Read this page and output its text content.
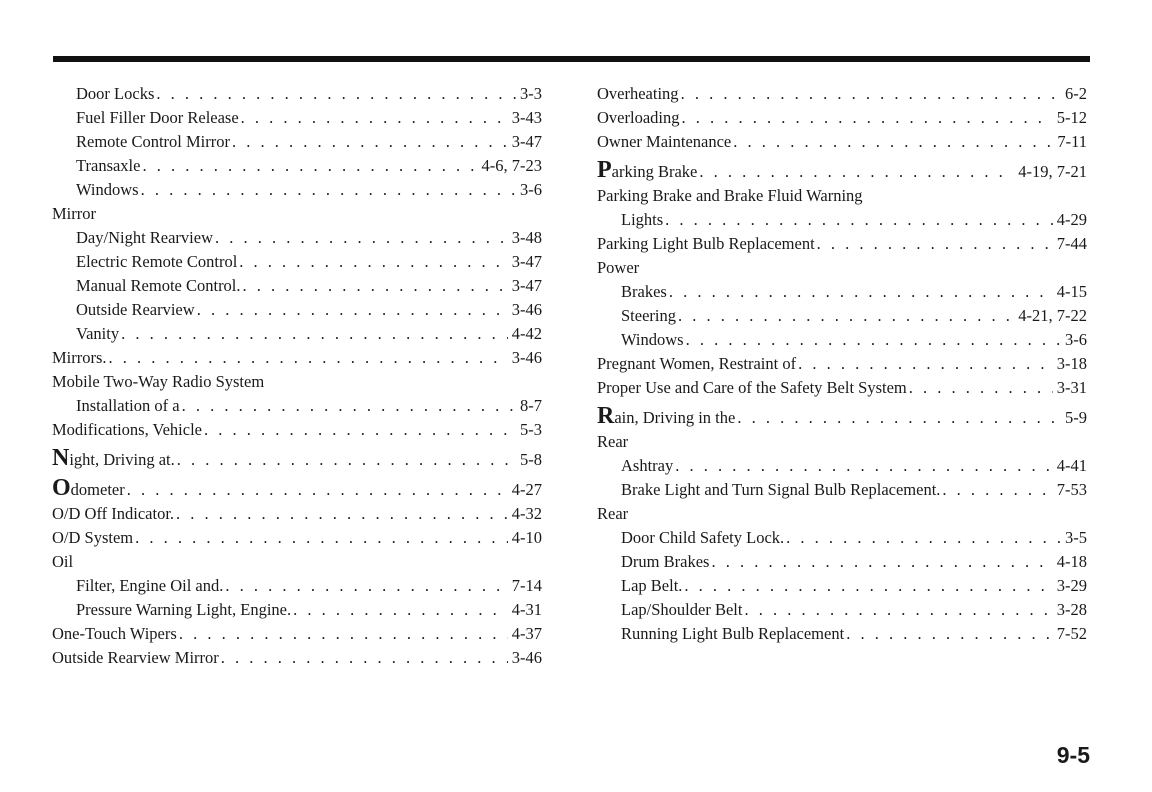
Door Locks . . .	3-3
Fuel Filler Door Release . . .	3-43
Remote Control Mirror . . .	3-47
Transaxle . . .	4-6, 7-23
Windows . . .	3-6
Mirror
Day/Night Rearview . . .	3-48
Electric Remote Control . . .	3-47
Manual Remote Control. . . .	3-47
Outside Rearview . . .	3-46
Vanity . . .	4-42
Mirrors. . . .	3-46
Mobile Two-Way Radio System
Installation of a . . .	8-7
Modifications, Vehicle . . .	5-3
Night, Driving at. . . .	5-8
Odometer . . .	4-27
O/D Off Indicator. . . .	4-32
O/D System . . .	4-10
Oil
Filter, Engine Oil and. . . .	7-14
Pressure Warning Light, Engine. . . .	4-31
One-Touch Wipers . . .	4-37
Outside Rearview Mirror . . .	3-46
Overheating . . .	6-2
Overloading . . .	5-12
Owner Maintenance . . .	7-11
Parking Brake . . .	4-19, 7-21
Parking Brake and Brake Fluid Warning
Lights . . .	4-29
Parking Light Bulb Replacement . . .	7-44
Power
Brakes . . .	4-15
Steering . . .	4-21, 7-22
Windows . . .	3-6
Pregnant Women, Restraint of . . .	3-18
Proper Use and Care of the Safety Belt System . . .	3-31
Rain, Driving in the . . .	5-9
Rear
Ashtray . . .	4-41
Brake Light and Turn Signal Bulb Replacement. . . .	7-53
Rear
Door Child Safety Lock. . . .	3-5
Drum Brakes . . .	4-18
Lap Belt. . . .	3-29
Lap/Shoulder Belt . . .	3-28
Running Light Bulb Replacement . . .	7-52
9-5
